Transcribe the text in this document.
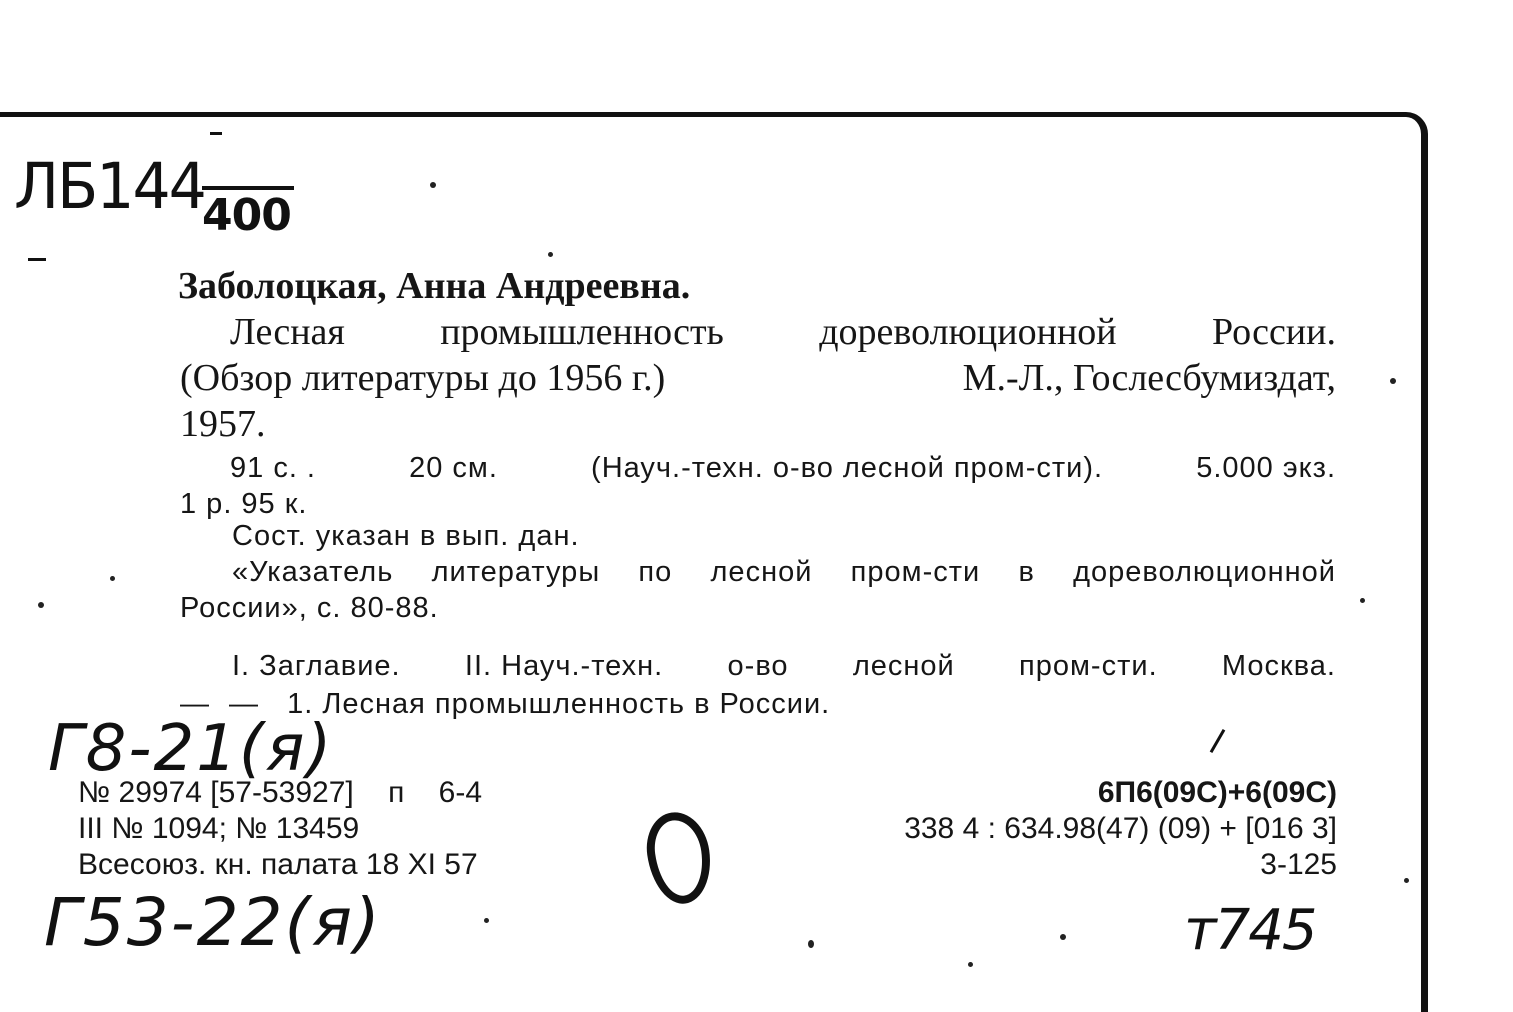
ЛБ144
400
Заболоцкая, Анна Андреевна.
Лесная	промышленность	дореволюционной	России.
(Обзор литературы до 1956 г.)	М.-Л., Гослесбумиздат,
1957.
91 с. .	20 см.	(Науч.-техн. о-во лесной пром-сти).	5.000 экз.
1 р. 95 к.
Сост. указан в вып. дан.
«Указатель литературы по лесной пром-сти в дореволюционной
России», с. 80-88.
I. Заглавие. II. Науч.-техн. о-во лесной пром-сти. Москва.
— — 1. Лесная промышленность в России.
№ 29974 [57-53927] п 6-4
III № 1094; № 13459
Всесоюз. кн. палата 18 XI 57
6П6(09С)+6(09С)
338 4 : 634.98(47) (09) + [016 3]
3-125
Г8-21(я)
Г53-22(я)	т745
